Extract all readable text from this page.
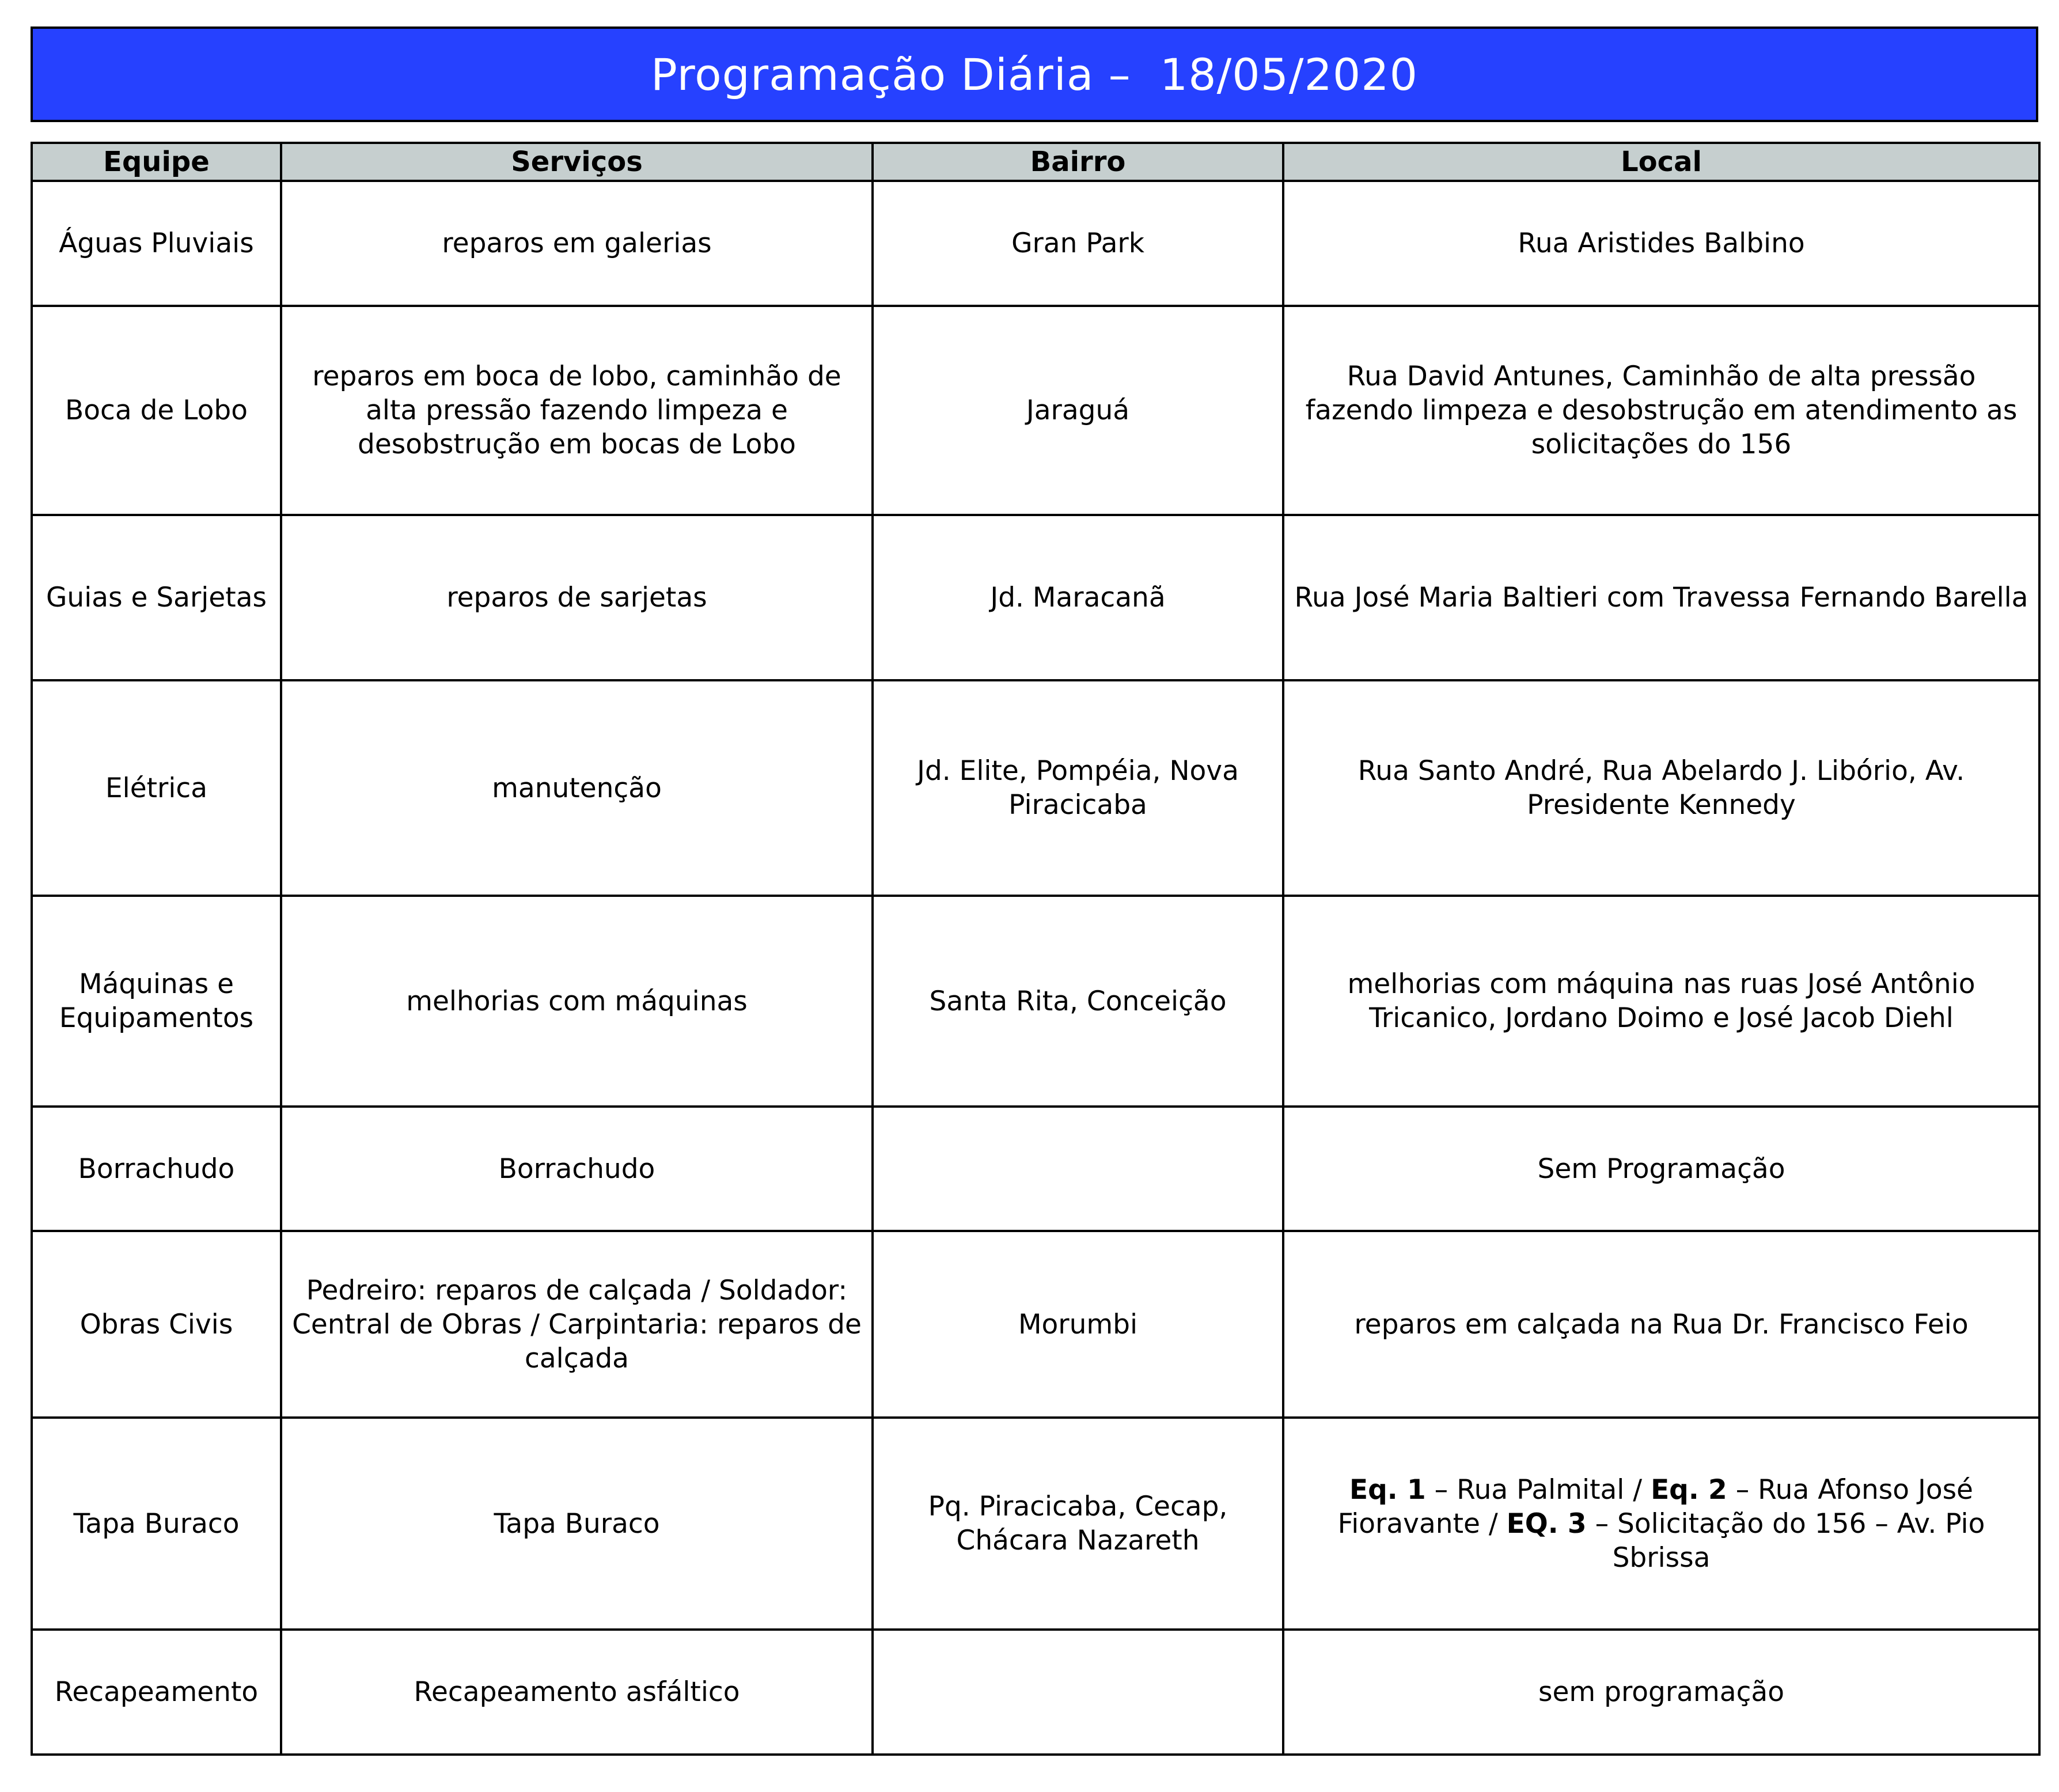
Programação Diária –  18/05/2020
Equipe	Serviços	Bairro	Local
Águas Pluviais	reparos em galerias	Gran Park	Rua Aristides Balbino
Boca de Lobo	reparos em boca de lobo, caminhão de alta pressão fazendo limpeza e desobstrução em bocas de Lobo	Jaraguá	Rua David Antunes, Caminhão de alta pressão fazendo limpeza e desobstrução em atendimento as solicitações do 156
Guias e Sarjetas	reparos de sarjetas	Jd. Maracanã	Rua José Maria Baltieri com Travessa Fernando Barella
Elétrica	manutenção	Jd. Elite, Pompéia, Nova Piracicaba	Rua Santo André, Rua Abelardo J. Libório, Av. Presidente Kennedy
Máquinas e Equipamentos	melhorias com máquinas	Santa Rita, Conceição	melhorias com máquina nas ruas José Antônio Tricanico, Jordano Doimo e José Jacob Diehl
Borrachudo	Borrachudo		Sem Programação
Obras Civis	Pedreiro: reparos de calçada / Soldador: Central de Obras / Carpintaria: reparos de calçada	Morumbi	reparos em calçada na Rua Dr. Francisco Feio
Tapa Buraco	Tapa Buraco	Pq. Piracicaba, Cecap, Chácara Nazareth	Eq. 1 – Rua Palmital / Eq. 2 – Rua Afonso José Fioravante / EQ. 3 – Solicitação do 156 – Av. Pio Sbrissa
Recapeamento	Recapeamento asfáltico		sem programação
